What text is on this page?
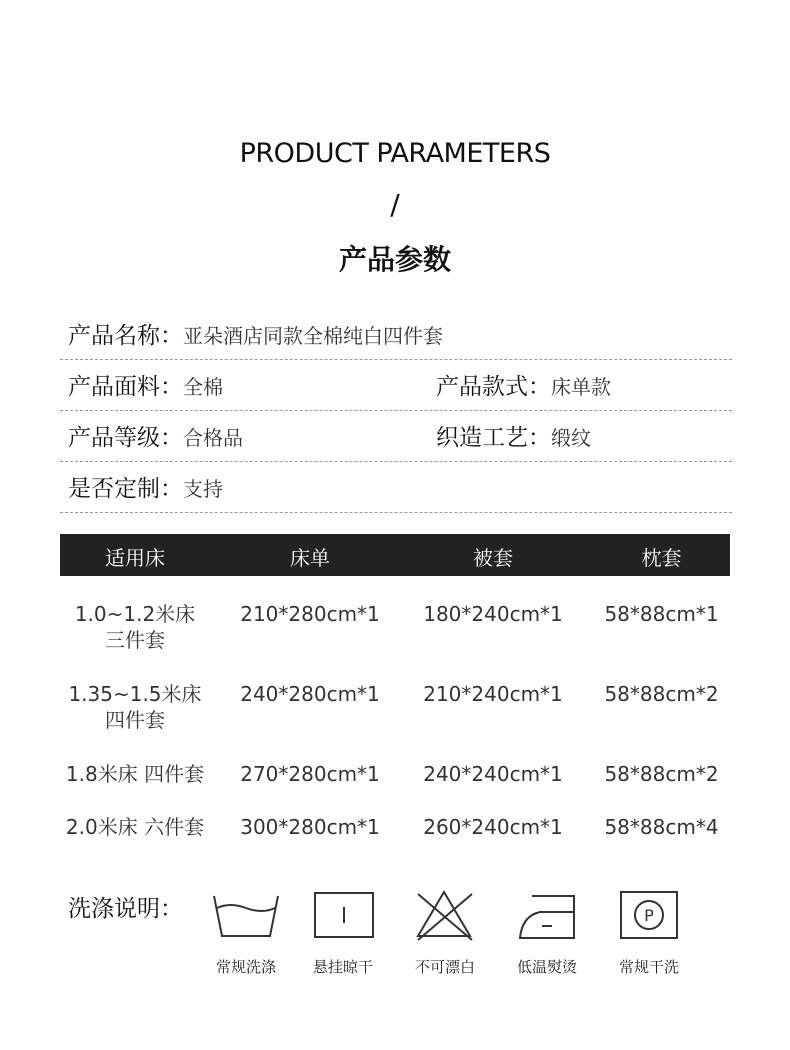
PRODUCT PARAMETERS
/
产品参数
产品名称：亚朵酒店同款全棉纯白四件套
产品面料：全棉	产品款式：床单款
产品等级：合格品	织造工艺：缎纹
是否定制：支持
适用床	床单	被套	枕套
1.0~1.2米床
三件套
210*280cm*1	180*240cm*1	58*88cm*1
1.35~1.5米床
四件套
240*280cm*1	210*240cm*1	58*88cm*2
1.8米床 四件套	270*280cm*1	240*240cm*1	58*88cm*2
2.0米床 六件套	300*280cm*1	260*240cm*1	58*88cm*4
洗涤说明：
常规洗涤	悬挂晾干	不可漂白	低温熨烫
P
常规干洗
